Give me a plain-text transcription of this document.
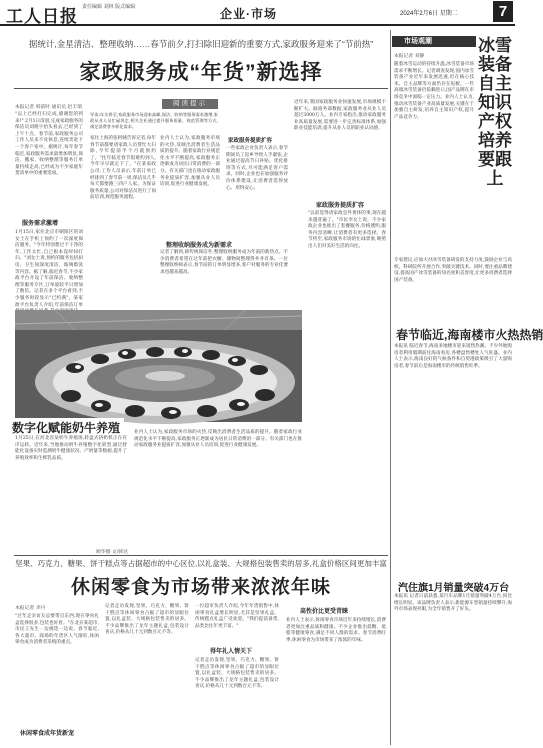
工人日报 责任编辑 刘林 版式编辑	企业·市场	2024年2月6日 星期二	7
据统计,金星清洁、整理收纳……春节前夕,打扫除旧迎新的重要方式,家政服务迎来了“节前热”
家政服务成“年货”新选择
本报记者 韩前时 通讯员 赵丰瑞
阅读提示
"以上已经打扫完成,感谢您的到来!" 2月1日清晨,完成家政服务的保洁员刘晓宇抬头看去,已经到了上午十点。春节前,家政服务公司工作人员来不及休息,连续奔赴下一个客户家中。据统计,每年春节临近,家政服务需求量增加明显,保洁、搬家、收纳整理等服务订单量持续走高,已经成为不少家庭年货清单中的重要选项。
服务需求激增
1月15日,家住北京市朝阳区的刘女士在手机上预约了一次深度保洁服务。"今年特别想过个干净的年,工作太忙,自己根本没时间打扫。"刘女士说,预约的服务包括厨房、卫生间深度清洁、玻璃擦洗等内容。据了解,临近春节,不少家政平台开设了年前保洁、收纳整理等服务专区,订单量较平日增加了数倍。记者在多个平台看到,不少服务时段显示"已约满"。某家政平台负责人介绍,年前保洁订单
导读:年关将至,家政服务市场迎来高峰,保洁、收纳等服务需求激增,家政从业人员忙碌奔走,相关企业通过提升服务质量、规范管理等方式,满足消费者多样化需求。
家住上海的张阿姨告诉记者,每年春节前都要请家政人员帮忙大扫除,今年提前半个月就预约了。"往年临近春节很难约到人,今年早早就定下了。"在某家政公司,工作人员表示,年前订单已经排到了春节前一周,保洁员几乎每天都要跑三四户人家。为保证服务质量,公司对保洁员进行了岗前培训,规范服务流程。
整理收纳服务成为新需求
记者了解到,除传统保洁外,整理收纳服务成为年前的新热点。不少消费者希望在过年前把衣橱、储物间整理得井井有条。一位整理收纳师表示,春节前的订单明显增多,客户对服务的专业化要求也越来越高。
业内人士认为,家政服务市场的火热,反映出消费者生活品质的提升。随着家政行业规范化水平不断提高,家政服务正逐渐成为居民日常消费的一部分。有关部门也在推动家政服务业提质扩容,加强从业人员培训,促进行业健康发展。
家政服务提质扩容
一些家政企业负责人表示,春节期间员工返乡导致人手紧张,企业通过提高节日补贴、优化排班等方式,尽可能满足客户需求。同时,企业也在加强服务评价体系建设,让消费者选得放心、用得安心。
近年来,我国家政服务业快速发展,市场规模不断扩大。据商务部数据,家政服务业从业人员超过3000万人。业内专家指出,推动家政服务业高质量发展,需要进一步完善标准体系,加强职业技能培训,提升从业人员的职业认同感。
家政服务提质扩容
"以前觉得请家政是件奢侈的事,现在越来越普遍了。"市民李女士说。不少家政企业也推出了套餐服务,价格透明,服务内容清晰,让消费者有更多选择。春节将至,家政服务市场的忙碌景象,映照出人们对美好生活的向往。
数字化赋能奶牛养殖
1月25日,在河北省某奶牛养殖场,转盘式挤奶机正在有序运转。近年来,当地推动奶牛养殖数字化转型,通过智能化设备实时监测奶牛健康状况、产奶量等数据,提升了养殖效率和生鲜乳品质。
顾华摄 文/韩达
业内人士认为,家政服务市场的火热,反映出消费者生活品质的提升。随着家政行业规范化水平不断提高,家政服务正逐渐成为居民日常消费的一部分。有关部门也在推动家政服务业提质扩容,加强从业人员培训,促进行业健康发展。
坚果、巧克力、糖果、饼干糕点等占据超市的中心区位,以礼盒装、大规格包装售卖的居多,礼盒价格区间更加丰富
休闲零食为市场带来浓浓年味
本报记者 李丹
"过年走亲访友总要带点东西,现在零食礼盒选择很多,包装也好看。"在北京某超市,市民王先生一边挑选一边说。春节临近,各大超市、商场的年货区人气渐旺,休闲零食成为消费者采购的重点。
休闲零食成年货新宠
记者走访发现,坚果、巧克力、糖果、饼干糕点等休闲零食占据了超市的显眼位置,以礼盒装、大规格包装售卖的居多。不少品牌推出了龙年主题礼盒,包装设计喜庆,价格从几十元到数百元不等。
一位超市负责人介绍,今年年货销售中,休闲零食礼盒增长明显,尤其是坚果礼盒、传统糕点礼盒广受欢迎。"我们提前备货,品类比往年更丰富。"
得年礼人情关下
记者走访发现,坚果、巧克力、糖果、饼干糕点等休闲零食占据了超市的显眼位置,以礼盒装、大规格包装售卖的居多。不少品牌推出了龙年主题礼盒,包装设计喜庆,价格从几十元到数百元不等。
高性价比更受青睐
业内人士表示,休闲零食市场近年来持续增长,消费者更加注重品质和健康。不少企业推出低糖、低脂等健康零食,满足不同人群的需求。春节消费旺季,休闲零食为市场带来了浓浓的年味。
市场观潮
本报记者 刘静
冰雪装备自主知识产权培养要跟上
随着冰雪运动的持续升温,冰雪装备市场需求不断增长。记者调查发现,国内冰雪装备产业近年来发展迅速,但在核心技术、自主品牌等方面仍存在短板。一些高端冰雪装备仍依赖进口,国产品牌在市场竞争中面临一定压力。业内人士认为,推动冰雪装备产业高质量发展,关键在于加强自主研发,培养自主知识产权,提升产品竞争力。
专家建议,应加大对冰雪装备研发的支持力度,鼓励企业与高校、科研院所开展合作,突破关键技术。同时,要注重品牌建设,提高国产冰雪装备的知名度和美誉度,让更多消费者选择国产装备。
春节临近,海南楼市火热热销
本报讯 临近春节,海南多地楼市迎来销售热潮。不少外地购房者利用假期前往海南看房,各楼盘售楼处人气旺盛。业内人士表示,海南良好的气候条件和自贸港政策吸引了大量购房者,春节前后是海南楼市的传统销售旺季。
汽住旗1月销量突破4万台
本报讯 记者日前获悉,某汽车品牌1月销量突破4万台,同比增长明显。该品牌负责人表示,新能源车型销量持续攀升,海外市场表现亮眼,为全年销售开了好头。
